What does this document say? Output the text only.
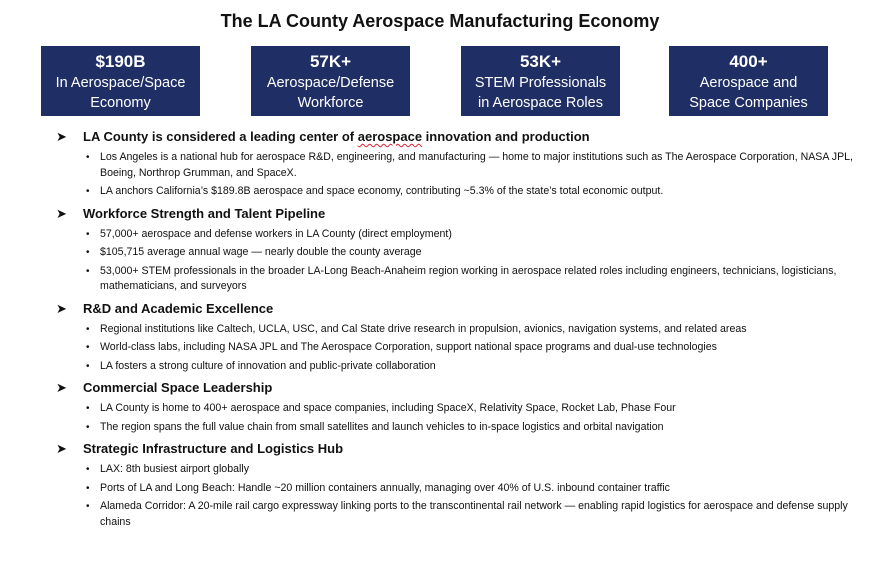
The LA County Aerospace Manufacturing Economy
$190B
In Aerospace/Space
Economy
57K+
Aerospace/Defense
Workforce
53K+
STEM Professionals
in Aerospace Roles
400+
Aerospace and
Space Companies
➤ LA County is considered a leading center of aerospace innovation and production
• Los Angeles is a national hub for aerospace R&D, engineering, and manufacturing — home to major institutions such as The Aerospace Corporation, NASA JPL, Boeing, Northrop Grumman, and SpaceX.
• LA anchors California’s $189.8B aerospace and space economy, contributing ~5.3% of the state’s total economic output.
➤ Workforce Strength and Talent Pipeline
• 57,000+ aerospace and defense workers in LA County (direct employment)
• $105,715 average annual wage — nearly double the county average
• 53,000+ STEM professionals in the broader LA-Long Beach-Anaheim region working in aerospace related roles including engineers, technicians, logisticians, mathematicians, and surveyors
➤ R&D and Academic Excellence
• Regional institutions like Caltech, UCLA, USC, and Cal State drive research in propulsion, avionics, navigation systems, and related areas
• World-class labs, including NASA JPL and The Aerospace Corporation, support national space programs and dual-use technologies
• LA fosters a strong culture of innovation and public-private collaboration
➤ Commercial Space Leadership
• LA County is home to 400+ aerospace and space companies, including SpaceX, Relativity Space, Rocket Lab, Phase Four
• The region spans the full value chain from small satellites and launch vehicles to in-space logistics and orbital navigation
➤ Strategic Infrastructure and Logistics Hub
• LAX: 8th busiest airport globally
• Ports of LA and Long Beach: Handle ~20 million containers annually, managing over 40% of U.S. inbound container traffic
• Alameda Corridor: A 20-mile rail cargo expressway linking ports to the transcontinental rail network — enabling rapid logistics for aerospace and defense supply chains
